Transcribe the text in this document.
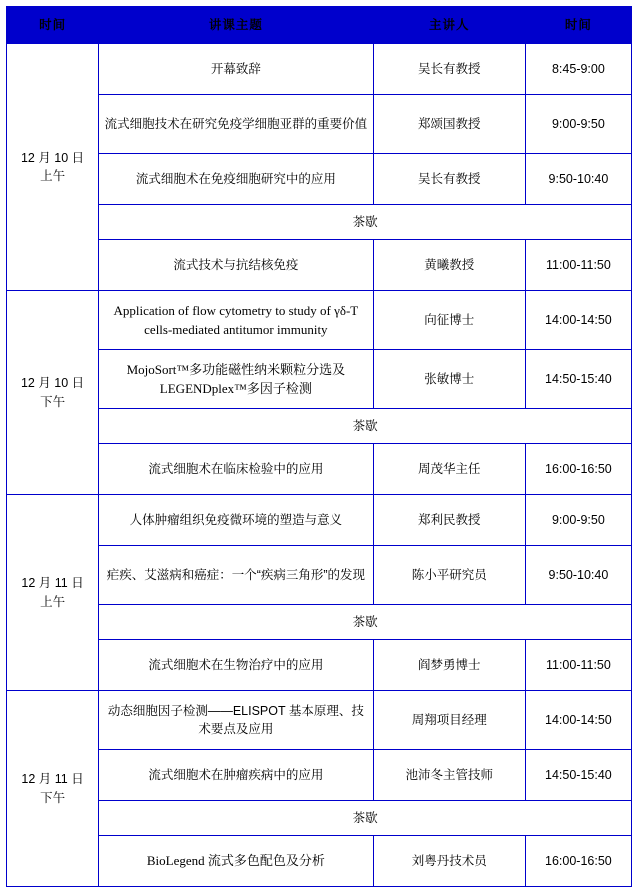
时间	讲课主题	主讲人	时间

12 月 10 日
上午	开幕致辞	吴长有教授	8:45-9:00
	流式细胞技术在研究免疫学细胞亚群的重要价值	郑颂国教授	9:00-9:50
	流式细胞术在免疫细胞研究中的应用	吴长有教授	9:50-10:40
	茶歇		
	流式技术与抗结核免疫	黄曦教授	11:00-11:50

12 月 10 日
下午	Application of flow cytometry to study of γδ-T cells-mediated antitumor immunity	向征博士	14:00-14:50
	MojoSort™多功能磁性纳米颗粒分选及 LEGENDplex™多因子检测	张敏博士	14:50-15:40
	茶歇		
	流式细胞术在临床检验中的应用	周茂华主任	16:00-16:50

12 月 11 日
上午	人体肿瘤组织免疫微环境的塑造与意义	郑利民教授	9:00-9:50
	疟疾、艾滋病和癌症：一个“疾病三角形”的发现	陈小平研究员	9:50-10:40
	茶歇		
	流式细胞术在生物治疗中的应用	阎梦勇博士	11:00-11:50

12 月 11 日
下午	动态细胞因子检测——ELISPOT 基本原理、技术要点及应用	周翔项目经理	14:00-14:50
	流式细胞术在肿瘤疾病中的应用	池沛冬主管技师	14:50-15:40
	茶歇		
	BioLegend 流式多色配色及分析	刘粤丹技术员	16:00-16:50
